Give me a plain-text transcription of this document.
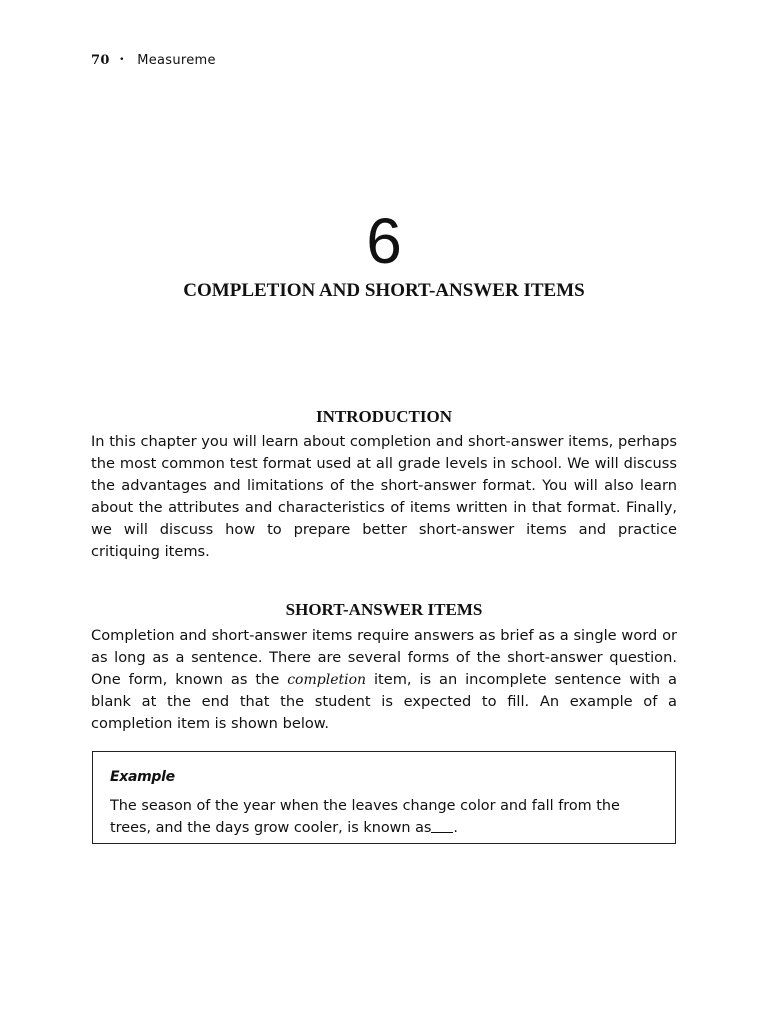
70 • Measureme
6
COMPLETION AND SHORT-ANSWER ITEMS
INTRODUCTION

In this chapter you will learn about completion and short-answer items, perhaps the most common test format used at all grade levels in school. We will discuss the advantages and limitations of the short-answer format. You will also learn about the attributes and characteristics of items written in that format. Finally, we will discuss how to prepare better short-answer items and practice critiquing items.

SHORT-ANSWER ITEMS

Completion and short-answer items require answers as brief as a single word or as long as a sentence. There are several forms of the short-answer question. One form, known as the completion item, is an incomplete sentence with a blank at the end that the student is expected to fill. An example of a completion item is shown below.

Example

The season of the year when the leaves change color and fall from the trees, and the days grow cooler, is known as .
